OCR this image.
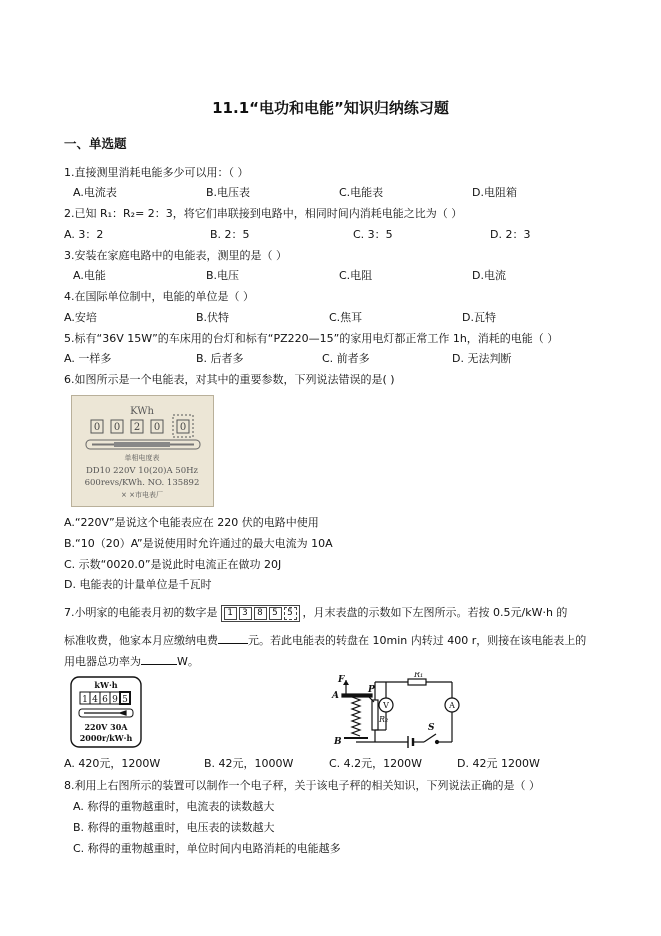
11.1“电功和电能”知识归纳练习题
一、单选题
1.直接测里消耗电能多少可以用：（ ）
A.电流表	B.电压表	C.电能表	D.电阻箱
2.已知 R₁：R₂= 2：3，将它们串联接到电路中，相同时间内消耗电能之比为（ ）
A. 3：2	B. 2：5	C. 3：5	D. 2：3
3.安装在家庭电路中的电能表，测里的是（ ）
A.电能	B.电压	C.电阻	D.电流
4.在国际单位制中，电能的单位是（ ）
A.安培	B.伏特	C.焦耳	D.瓦特
5.标有“36V 15W”的车床用的台灯和标有“PZ220—15”的家用电灯都正常工作 1h，消耗的电能（ ）
A. 一样多	B. 后者多	C. 前者多	D. 无法判断
6.如图所示是一个电能表，对其中的重要参数，下列说法错误的是( )
KWh
0 0 2 0 0
单相电度表
DD10 220V 10(20)A 50Hz
600revs/KWh. NO. 135892
× ×市电表厂
A.“220V”是说这个电能表应在 220 伏的电路中使用
B.“10（20）A”是说使用时允许通过的最大电流为 10A
C. 示数“0020.0”是说此时电流正在做功 20J
D. 电能表的计量单位是千瓦时
7.小明家的电能表月初的数字是	1	3	8	5	5 ，月末表盘的示数如下左图所示。若按 0.5元/kW·h 的
标准收费，他家本月应缴纳电费	元。若此电能表的转盘在 10min 内转过 400 r，则接在该电能表上的
用电器总功率为	W。
kW·h
1 4 6 9 5
220V 30A
2000r/kW·h
F
A
P
R₁
R₂
V	A
S
B
A. 420元，1200W	B. 42元，1000W	C. 4.2元，1200W	D. 42元 1200W
8.利用上右图所示的装置可以制作一个电子秤，关于该电子秤的相关知识，下列说法正确的是（ ）
A. 称得的重物越重时，电流表的读数越大
B. 称得的重物越重时，电压表的读数越大
C. 称得的重物越重时，单位时间内电路消耗的电能越多
